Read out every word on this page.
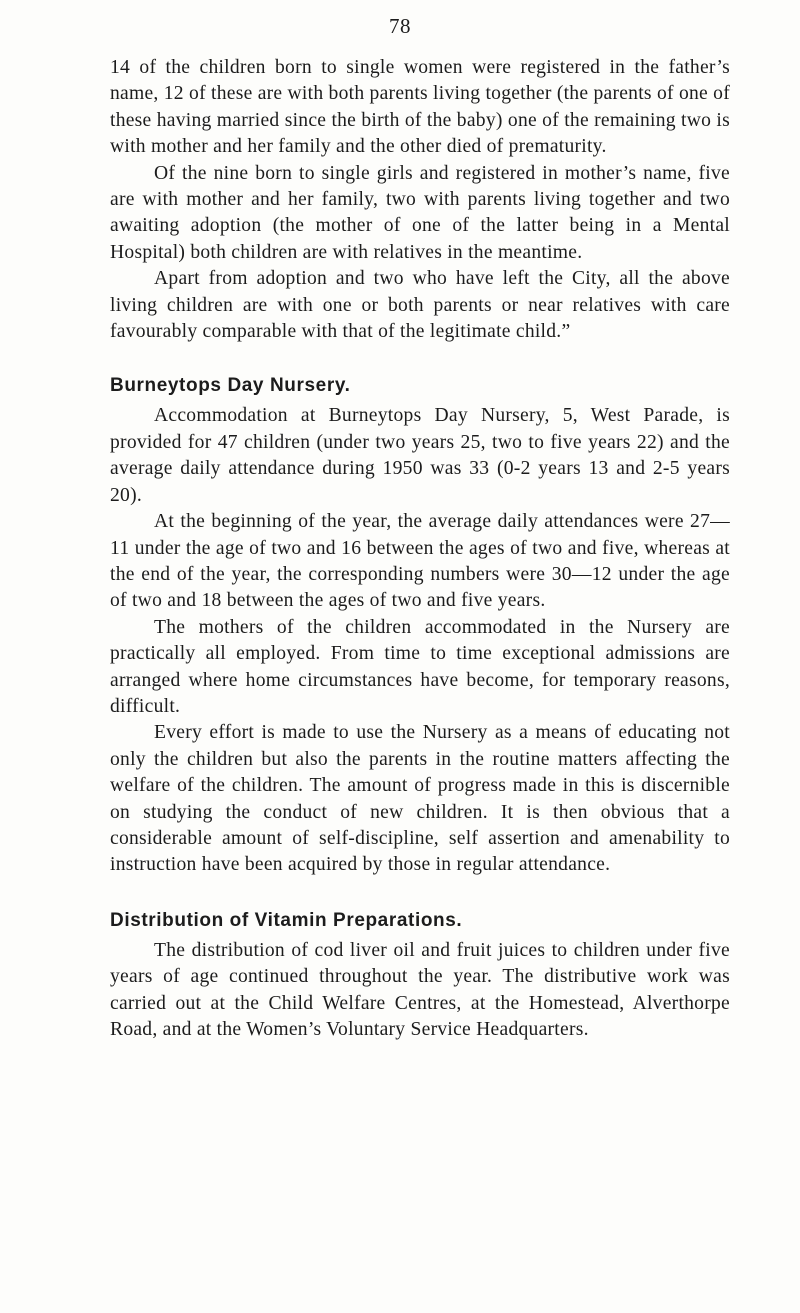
78

14 of the children born to single women were registered in the father’s name, 12 of these are with both parents living together (the parents of one of these having married since the birth of the baby) one of the remaining two is with mother and her family and the other died of prematurity.

Of the nine born to single girls and registered in mother’s name, five are with mother and her family, two with parents living together and two awaiting adoption (the mother of one of the latter being in a Mental Hospital) both children are with relatives in the meantime.

Apart from adoption and two who have left the City, all the above living children are with one or both parents or near relatives with care favourably comparable with that of the legitimate child.”

Burneytops Day Nursery.

Accommodation at Burneytops Day Nursery, 5, West Parade, is provided for 47 children (under two years 25, two to five years 22) and the average daily attendance during 1950 was 33 (0-2 years 13 and 2-5 years 20).

At the beginning of the year, the average daily attendances were 27— 11 under the age of two and 16 between the ages of two and five, whereas at the end of the year, the corresponding numbers were 30—12 under the age of two and 18 between the ages of two and five years.

The mothers of the children accommodated in the Nursery are practically all employed. From time to time exceptional admissions are arranged where home circumstances have become, for temporary reasons, difficult.

Every effort is made to use the Nursery as a means of educating not only the children but also the parents in the routine matters affecting the welfare of the children. The amount of progress made in this is discernible on studying the conduct of new children. It is then obvious that a considerable amount of self-discipline, self assertion and amenability to instruction have been acquired by those in regular attendance.

Distribution of Vitamin Preparations.

The distribution of cod liver oil and fruit juices to children under five years of age continued throughout the year. The distributive work was carried out at the Child Welfare Centres, at the Homestead, Alverthorpe Road, and at the Women’s Voluntary Service Headquarters.
